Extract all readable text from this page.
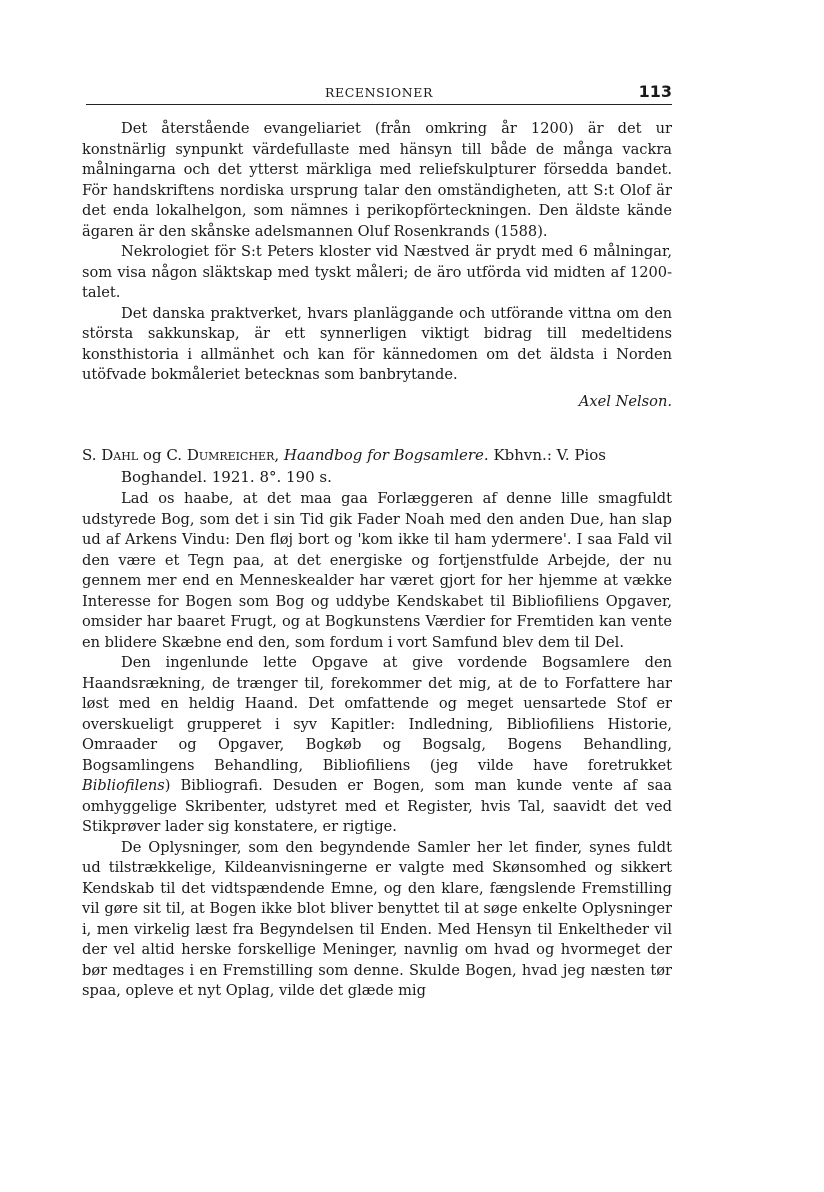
RECENSIONER	113

Det återstående evangeliariet (från omkring år 1200) är det ur konstnärlig synpunkt värdefullaste med hänsyn till både de många vackra målningarna och det ytterst märkliga med reliefskulpturer försedda bandet. För handskriftens nordiska ursprung talar den omständigheten, att S:t Olof är det enda lokalhelgon, som nämnes i perikopförteckningen. Den äldste kände ägaren är den skånske adelsmannen Oluf Rosenkrands (1588).

Nekrologiet för S:t Peters kloster vid Næstved är prydt med 6 målningar, som visa någon släktskap med tyskt måleri; de äro utförda vid midten af 1200-talet.

Det danska praktverket, hvars planläggande och utförande vittna om den största sakkunskap, är ett synnerligen viktigt bidrag till medeltidens konsthistoria i allmänhet och kan för kännedomen om det äldsta i Norden utöfvade bokmåleriet betecknas som banbrytande.

Axel Nelson.

S. Dahl og C. Dumreicher, Haandbog for Bogsamlere. Kbhvn.: V. Pios

Boghandel. 1921. 8°. 190 s.

Lad os haabe, at det maa gaa Forlæggeren af denne lille smagfuldt udstyrede Bog, som det i sin Tid gik Fader Noah med den anden Due, han slap ud af Arkens Vindu: Den fløj bort og 'kom ikke til ham ydermere'. I saa Fald vil den være et Tegn paa, at det energiske og fortjenstfulde Arbejde, der nu gennem mer end en Menneskealder har været gjort for her hjemme at vække Interesse for Bogen som Bog og uddybe Kendskabet til Bibliofiliens Opgaver, omsider har baaret Frugt, og at Bogkunstens Værdier for Fremtiden kan vente en blidere Skæbne end den, som fordum i vort Samfund blev dem til Del.

Den ingenlunde lette Opgave at give vordende Bogsamlere den Haandsrækning, de trænger til, forekommer det mig, at de to Forfattere har løst med en heldig Haand. Det omfattende og meget uensartede Stof er overskueligt grupperet i syv Kapitler: Indledning, Bibliofiliens Historie, Omraader og Opgaver, Bogkøb og Bogsalg, Bogens Behandling, Bogsamlingens Behandling, Bibliofiliens (jeg vilde have foretrukket Bibliofilens) Bibliografi. Desuden er Bogen, som man kunde vente af saa omhyggelige Skribenter, udstyret med et Register, hvis Tal, saavidt det ved Stikprøver lader sig konstatere, er rigtige.

De Oplysninger, som den begyndende Samler her let finder, synes fuldt ud tilstrækkelige, Kildeanvisningerne er valgte med Skønsomhed og sikkert Kendskab til det vidtspændende Emne, og den klare, fængslende Fremstilling vil gøre sit til, at Bogen ikke blot bliver benyttet til at søge enkelte Oplysninger i, men virkelig læst fra Begyndelsen til Enden. Med Hensyn til Enkeltheder vil der vel altid herske forskellige Meninger, navnlig om hvad og hvormeget der bør medtages i en Fremstilling som denne. Skulde Bogen, hvad jeg næsten tør spaa, opleve et nyt Oplag, vilde det glæde mig
